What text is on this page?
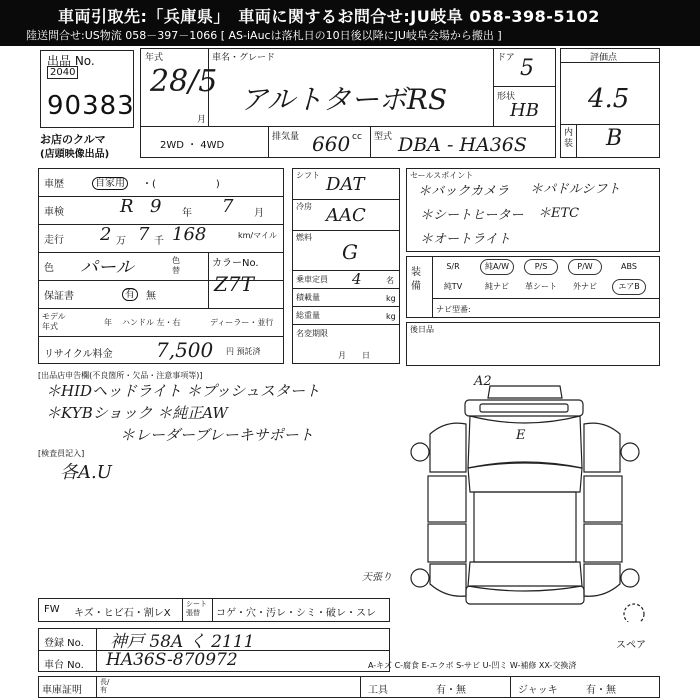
車両引取先:「兵庫県」　車両に関するお問合せ:JU岐阜 058-398-5102
陸送問合せ:US物流 058－397－1066 [ AS-iAucは落札日の10日後以降にJU岐阜会場から搬出 ]
出品 No.
2040
90383
お店のクルマ
(店頭映像出品)
年式
28/5
月
車名・グレード
アルトターボRS
ドア 5
形状
HB
2WD ・ 4WD
排気量 660 cc 型式 DBA - HA36S
評価点
4.5
内装 B
車歴	自家用	・(　　　　　　)
車検	R 9 年 7 月
走行 2 万 7 千 168	km/マイル
色 パール	色替
カラーNo.
Z7T
保証書	有	無
モデル年式	年 ハンドル 左・右	ディーラー・並行
リサイクル料金 7,500 円 預託済
シフト DAT
冷房 AAC
燃料
G
乗車定員 4	名
積載量	kg
総重量	kg
名変期限
月　　日
セールスポイント
＊バックカメラ ＊パドルシフト
＊シートヒーター ＊ETC
＊オートライト
装備
S/R	純A/W	P/S	P/W	ABS
純TV	純ナビ	革シート	外ナビ	エアB
ナビ型番:
後日品
[出品店申告欄(不良箇所・欠品・注意事項等)]
＊HIDヘッドライト ＊プッシュスタート
＊KYBショック ＊純正AW
＊レーダーブレーキサポート
[検査員記入]
各A.U
A2
E
天張り
スペア
FW キズ・ヒビ石・割レX
シート張替	コゲ・穴・汚レ・シミ・破レ・スレ
登録 No. 神戸 58A く 2111
車台 No. HA36S-870972	A-キズ C-腐食 E-エクボ S-サビ U-凹ミ W-補修 XX-交換済
車庫証明
長/有	工具	有・無	ジャッキ	有・無
